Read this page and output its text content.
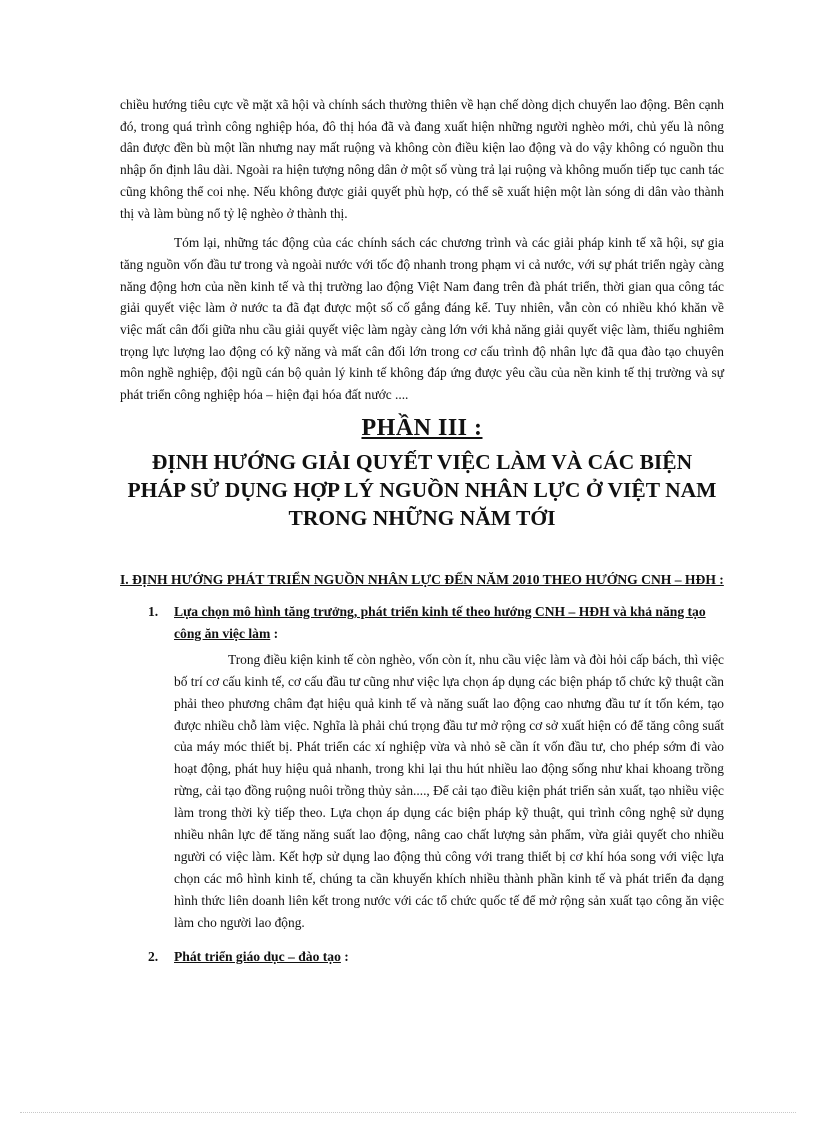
chiều hướng tiêu cực về mặt xã hội và chính sách thường thiên về hạn chế dòng dịch chuyển lao động. Bên cạnh đó, trong quá trình công nghiệp hóa, đô thị hóa đã và đang xuất hiện những người nghèo mới, chủ yếu là nông dân được đền bù một lần nhưng nay mất ruộng và không còn điều kiện lao động và do vậy không có nguồn thu nhập ổn định lâu dài. Ngoài ra hiện tượng nông dân ở một số vùng trả lại ruộng và không muốn tiếp tục canh tác cũng không thể coi nhẹ. Nếu không được giải quyết phù hợp, có thể sẽ xuất hiện một làn sóng di dân vào thành thị và làm bùng nổ tỷ lệ nghèo ở thành thị.

Tóm lại, những tác động của các chính sách các chương trình và các giải pháp kinh tế xã hội, sự gia tăng nguồn vốn đầu tư trong và ngoài nước với tốc độ nhanh trong phạm vi cả nước, với sự phát triển ngày càng năng động hơn của nền kinh tế và thị trường lao động Việt Nam đang trên đà phát triển, thời gian qua công tác giải quyết việc làm ở nước ta đã đạt được một số cố gắng đáng kể. Tuy nhiên, vẫn còn có nhiều khó khăn về việc mất cân đối giữa nhu cầu giải quyết việc làm ngày càng lớn với khả năng giải quyết việc làm, thiếu nghiêm trọng lực lượng lao động có kỹ năng và mất cân đối lớn trong cơ cấu trình độ nhân lực đã qua đào tạo chuyên môn nghề nghiệp, đội ngũ cán bộ quản lý kinh tế không đáp ứng được yêu cầu của nền kinh tế thị trường và sự phát triển công nghiệp hóa – hiện đại hóa đất nước ....

PHẦN III :
ĐỊNH HƯỚNG GIẢI QUYẾT VIỆC LÀM VÀ CÁC BIỆN PHÁP SỬ DỤNG HỢP LÝ NGUỒN NHÂN LỰC Ở VIỆT NAM TRONG NHỮNG NĂM TỚI
I. ĐỊNH HƯỚNG PHÁT TRIỂN NGUỒN NHÂN LỰC ĐẾN NĂM 2010 THEO HƯỚNG CNH – HĐH :
1. Lựa chọn mô hình tăng trưởng, phát triển kinh tế theo hướng CNH – HĐH và khả năng tạo công ăn việc làm :

Trong điều kiện kinh tế còn nghèo, vốn còn ít, nhu cầu việc làm và đòi hỏi cấp bách, thì việc bố trí cơ cấu kinh tế, cơ cấu đầu tư cũng như việc lựa chọn áp dụng các biện pháp tổ chức kỹ thuật cần phải theo phương châm đạt hiệu quả kinh tế và năng suất lao động cao nhưng đầu tư ít tốn kém, tạo được nhiều chỗ làm việc. Nghĩa là phải chú trọng đầu tư mở rộng cơ sở xuất hiện có để tăng công suất của máy móc thiết bị. Phát triển các xí nghiệp vừa và nhỏ sẽ cần ít vốn đầu tư, cho phép sớm đi vào hoạt động, phát huy hiệu quả nhanh, trong khi lại thu hút nhiều lao động sống như khai khoang trồng rừng, cải tạo đồng ruộng nuôi trồng thủy sản...., Để cải tạo điều kiện phát triển sản xuất, tạo nhiều việc làm trong thời kỳ tiếp theo. Lựa chọn áp dụng các biện pháp kỹ thuật, qui trình công nghệ sử dụng nhiều nhân lực để tăng năng suất lao động, nâng cao chất lượng sản phẩm, vừa giải quyết cho nhiều người có việc làm. Kết hợp sử dụng lao động thủ công với trang thiết bị cơ khí hóa song với việc lựa chọn các mô hình kinh tế, chúng ta cần khuyến khích nhiều thành phần kinh tế và phát triển đa dạng hình thức liên doanh liên kết trong nước với các tổ chức quốc tế để mở rộng sản xuất tạo công ăn việc làm cho người lao động.

2. Phát triển giáo dục – đào tạo :
